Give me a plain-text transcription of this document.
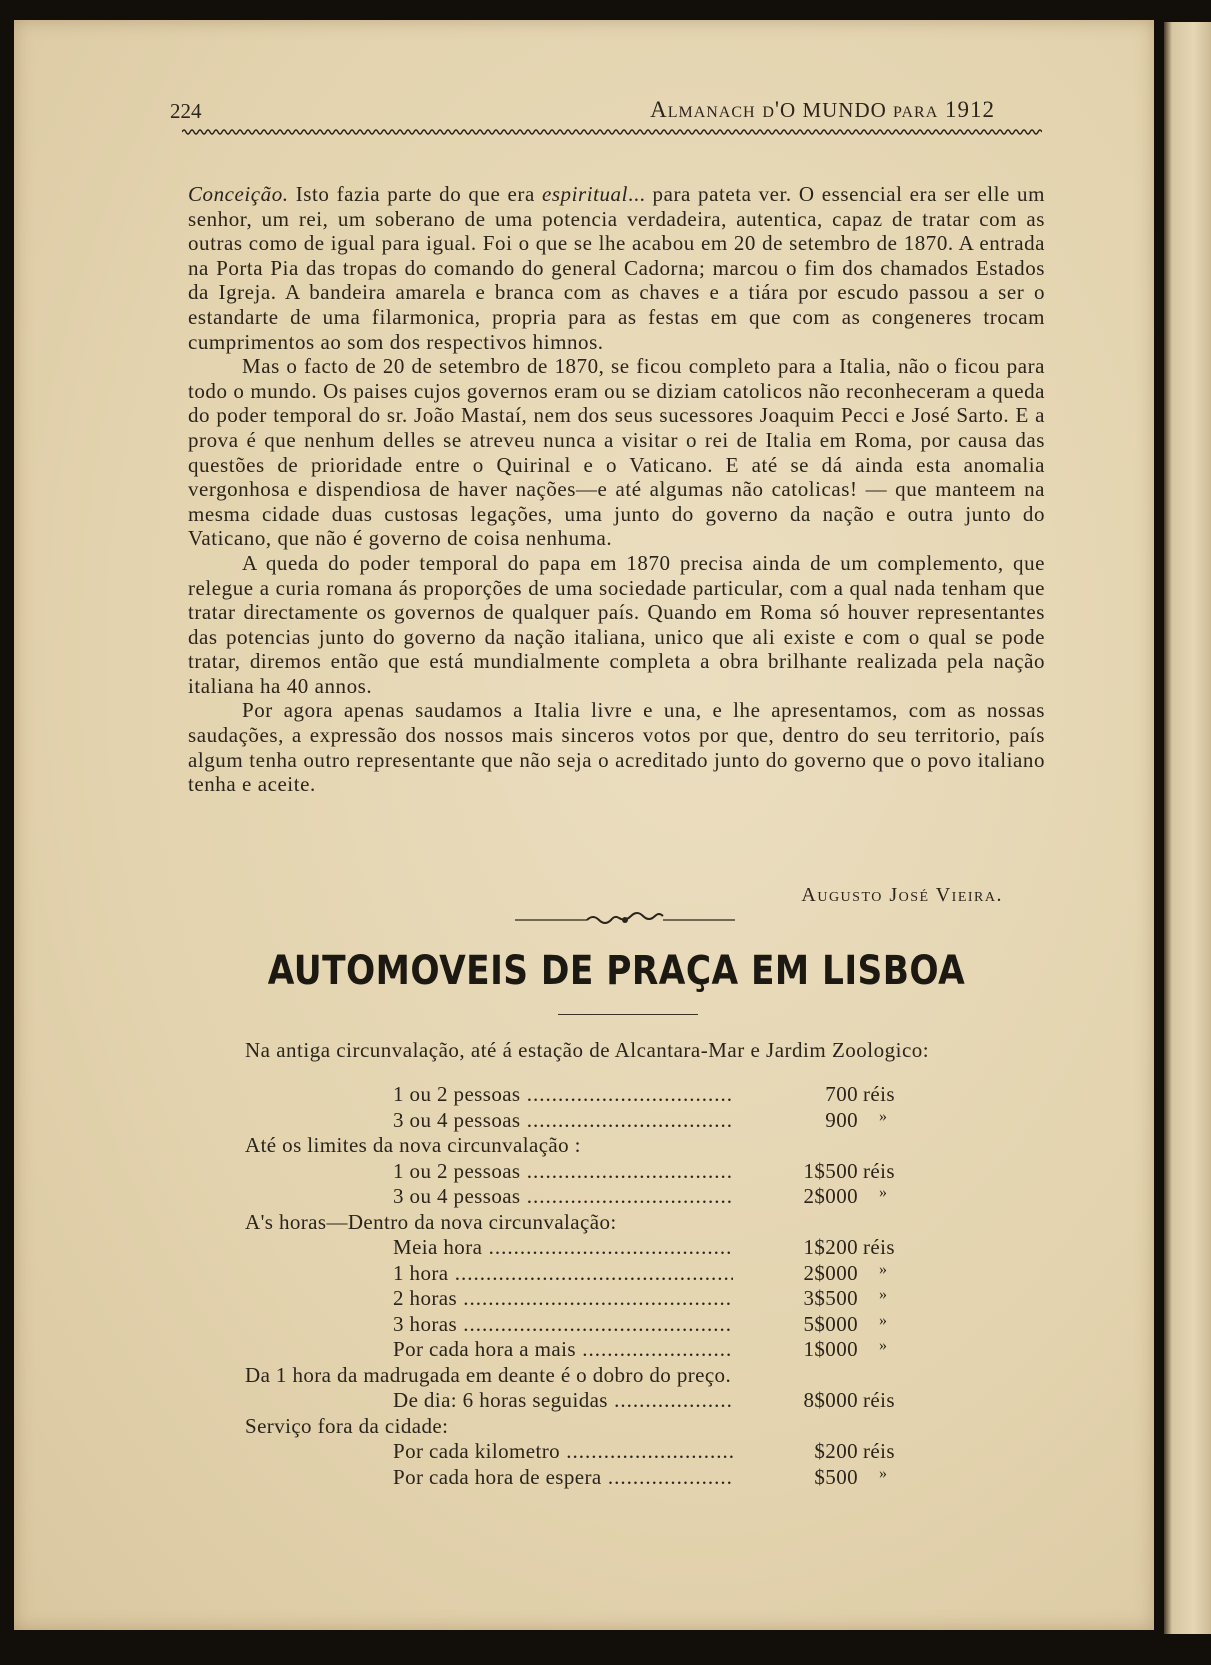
224	Almanach d'O MUNDO para 1912

Conceição. Isto fazia parte do que era espiritual... para pateta ver. O essencial era ser elle um senhor, um rei, um soberano de uma potencia verdadeira, autentica, capaz de tratar com as outras como de igual para igual. Foi o que se lhe acabou em 20 de setembro de 1870. A entrada na Porta Pia das tropas do comando do general Cadorna; marcou o fim dos chamados Estados da Igreja. A bandeira amarela e branca com as chaves e a tiára por escudo passou a ser o estandarte de uma filarmonica, propria para as festas em que com as congeneres trocam cumprimentos ao som dos respectivos himnos.

Mas o facto de 20 de setembro de 1870, se ficou completo para a Italia, não o ficou para todo o mundo. Os paises cujos governos eram ou se diziam catolicos não reconheceram a queda do poder temporal do sr. João Mastaí, nem dos seus sucessores Joaquim Pecci e José Sarto. E a prova é que nenhum delles se atreveu nunca a visitar o rei de Italia em Roma, por causa das questões de prioridade entre o Quirinal e o Vaticano. E até se dá ainda esta anomalia vergonhosa e dispendiosa de haver nações—e até algumas não catolicas! — que manteem na mesma cidade duas custosas legações, uma junto do governo da nação e outra junto do Vaticano, que não é governo de coisa nenhuma.

A queda do poder temporal do papa em 1870 precisa ainda de um complemento, que relegue a curia romana ás proporções de uma sociedade particular, com a qual nada tenham que tratar directamente os governos de qualquer país. Quando em Roma só houver representantes das potencias junto do governo da nação italiana, unico que ali existe e com o qual se pode tratar, diremos então que está mundialmente completa a obra brilhante realizada pela nação italiana ha 40 annos.

Por agora apenas saudamos a Italia livre e una, e lhe apresentamos, com as nossas saudações, a expressão dos nossos mais sinceros votos por que, dentro do seu territorio, país algum tenha outro representante que não seja o acreditado junto do governo que o povo italiano tenha e aceite.

Augusto José Vieira.
AUTOMOVEIS DE PRAÇA EM LISBOA

Na antiga circunvalação, até á estação de Alcantara-Mar e Jardim Zoologico:

1 ou 2 pessoas .....	700 réis
3 ou 4 pessoas .....	900	»
Até os limites da nova circunvalação :
1 ou 2 pessoas .....	1$500 réis
3 ou 4 pessoas .....	2$000	»
A's horas—Dentro da nova circunvalação:
Meia hora .....	1$200 réis
1 hora .....	2$000	»
2 horas .....	3$500	»
3 horas .....	5$000	»
Por cada hora a mais .....	1$000	»
Da 1 hora da madrugada em deante é o dobro do preço.
De dia: 6 horas seguidas .....	8$000 réis
Serviço fora da cidade:
Por cada kilometro .....	$200 réis
Por cada hora de espera .....	$500	»
